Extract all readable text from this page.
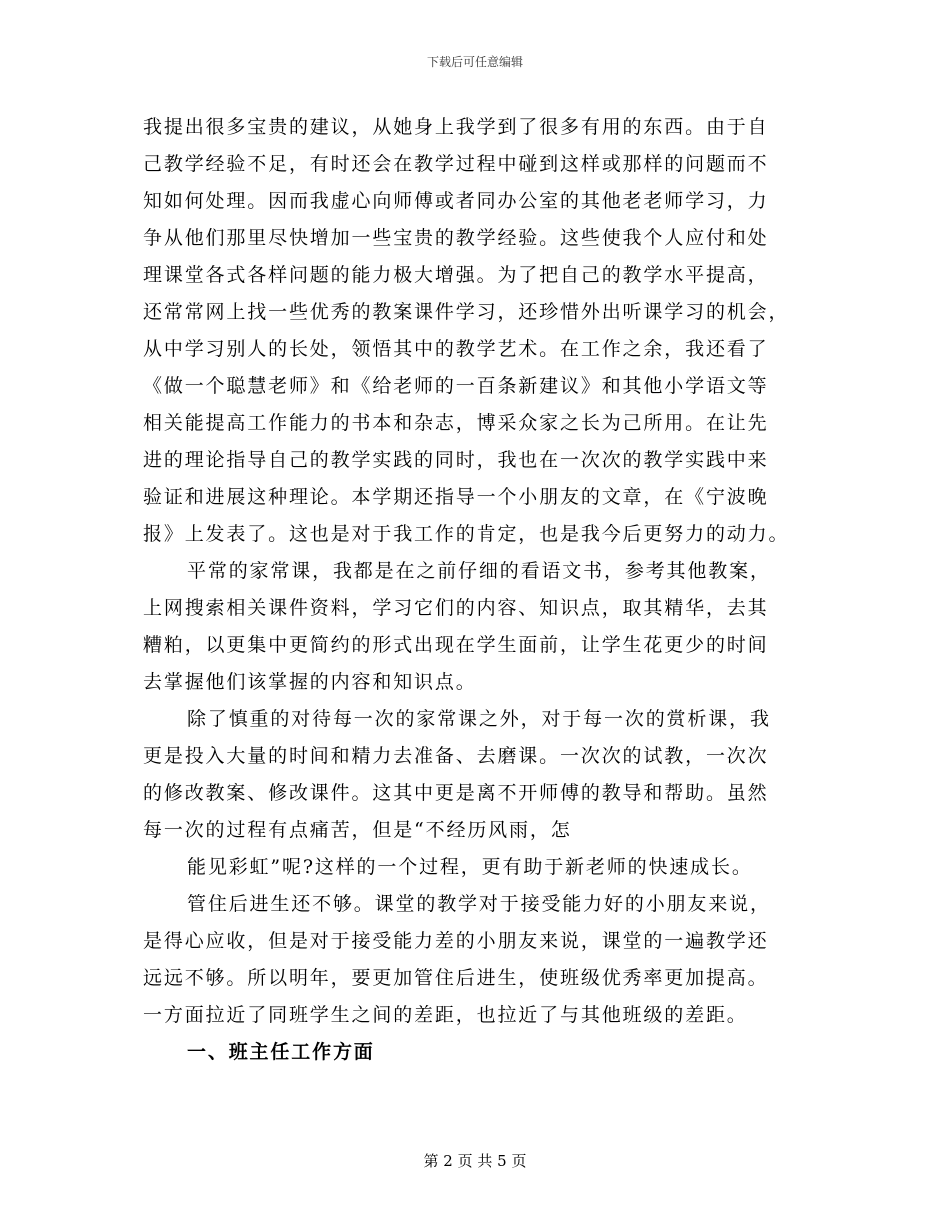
下载后可任意编辑
我提出很多宝贵的建议，从她身上我学到了很多有用的东西。由于自
己教学经验不足，有时还会在教学过程中碰到这样或那样的问题而不
知如何处理。因而我虚心向师傅或者同办公室的其他老老师学习，力
争从他们那里尽快增加一些宝贵的教学经验。这些使我个人应付和处
理课堂各式各样问题的能力极大增强。为了把自己的教学水平提高，
还常常网上找一些优秀的教案课件学习，还珍惜外出听课学习的机会，
从中学习别人的长处，领悟其中的教学艺术。在工作之余，我还看了
《做一个聪慧老师》和《给老师的一百条新建议》和其他小学语文等
相关能提高工作能力的书本和杂志，博采众家之长为己所用。在让先
进的理论指导自己的教学实践的同时，我也在一次次的教学实践中来
验证和进展这种理论。本学期还指导一个小朋友的文章，在《宁波晚
报》上发表了。这也是对于我工作的肯定，也是我今后更努力的动力。
平常的家常课，我都是在之前仔细的看语文书，参考其他教案，
上网搜索相关课件资料，学习它们的内容、知识点，取其精华，去其
糟粕，以更集中更简约的形式出现在学生面前，让学生花更少的时间
去掌握他们该掌握的内容和知识点。
除了慎重的对待每一次的家常课之外，对于每一次的赏析课，我
更是投入大量的时间和精力去准备、去磨课。一次次的试教，一次次
的修改教案、修改课件。这其中更是离不开师傅的教导和帮助。虽然
每一次的过程有点痛苦，但是“不经历风雨，怎
能见彩虹”呢?这样的一个过程，更有助于新老师的快速成长。
管住后进生还不够。课堂的教学对于接受能力好的小朋友来说，
是得心应收，但是对于接受能力差的小朋友来说，课堂的一遍教学还
远远不够。所以明年，要更加管住后进生，使班级优秀率更加提高。
一方面拉近了同班学生之间的差距，也拉近了与其他班级的差距。
一、班主任工作方面
第 2 页 共 5 页
